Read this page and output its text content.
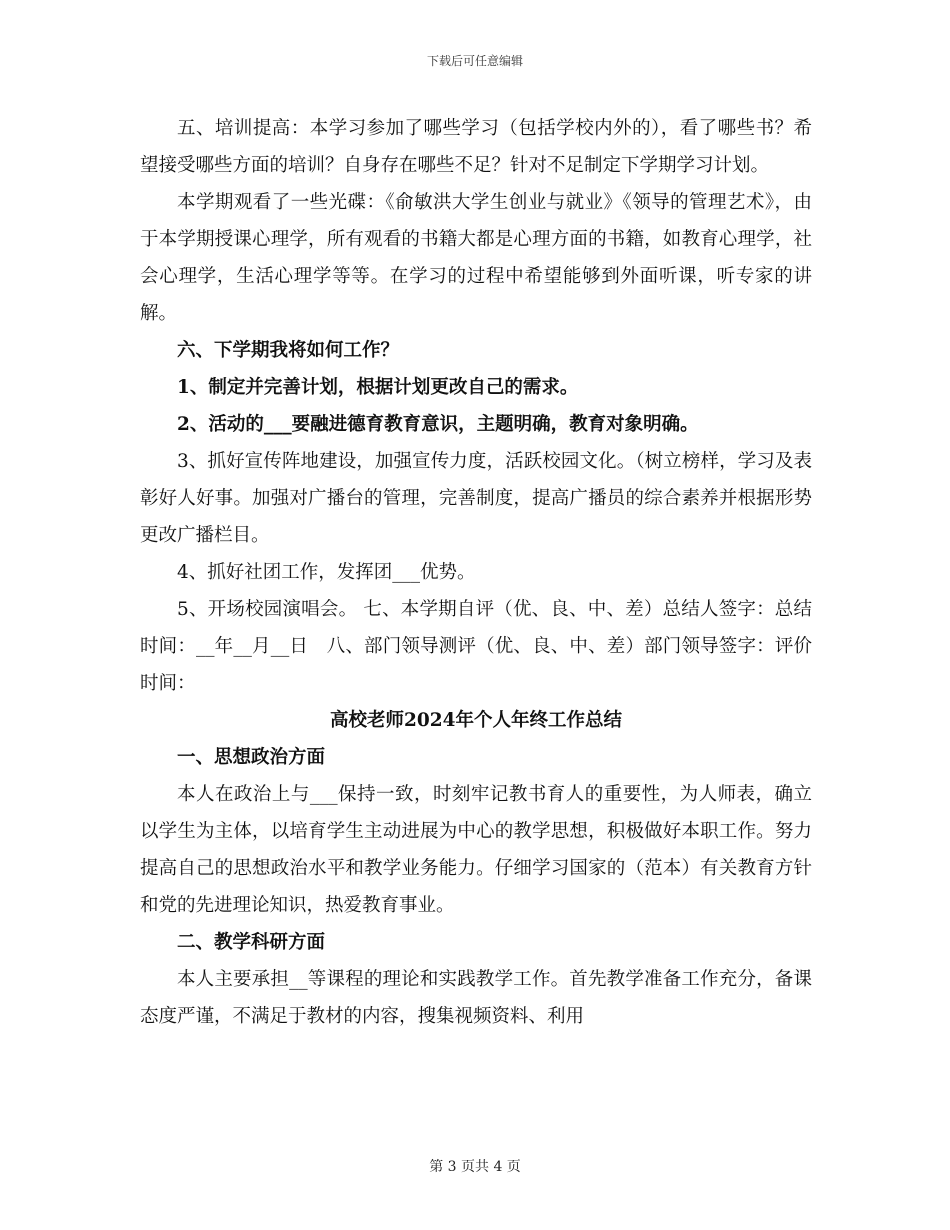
下载后可任意编辑

五、培训提高：本学习参加了哪些学习（包括学校内外的），看了哪些书？希望接受哪些方面的培训？自身存在哪些不足？针对不足制定下学期学习计划。

本学期观看了一些光碟：《俞敏洪大学生创业与就业》《领导的管理艺术》，由于本学期授课心理学，所有观看的书籍大都是心理方面的书籍，如教育心理学，社会心理学，生活心理学等等。在学习的过程中希望能够到外面听课，听专家的讲解。

六、下学期我将如何工作？

1、制定并完善计划，根据计划更改自己的需求。

2、活动的___要融进德育教育意识，主题明确，教育对象明确。

3、抓好宣传阵地建设，加强宣传力度，活跃校园文化。（树立榜样，学习及表彰好人好事。加强对广播台的管理，完善制度，提高广播员的综合素养并根据形势更改广播栏目。

4、抓好社团工作，发挥团___优势。

5、开场校园演唱会。 七、本学期自评（优、良、中、差）总结人签字：总结时间：__年__月__日　八、部门领导测评（优、良、中、差）部门领导签字：评价时间：

高校老师2024年个人年终工作总结

一、思想政治方面

本人在政治上与___保持一致，时刻牢记教书育人的重要性，为人师表，确立以学生为主体，以培育学生主动进展为中心的教学思想，积极做好本职工作。努力提高自己的思想政治水平和教学业务能力。仔细学习国家的（范本）有关教育方针和党的先进理论知识，热爱教育事业。

二、教学科研方面

本人主要承担__等课程的理论和实践教学工作。首先教学准备工作充分，备课态度严谨，不满足于教材的内容，搜集视频资料、利用

第 3 页共 4 页
